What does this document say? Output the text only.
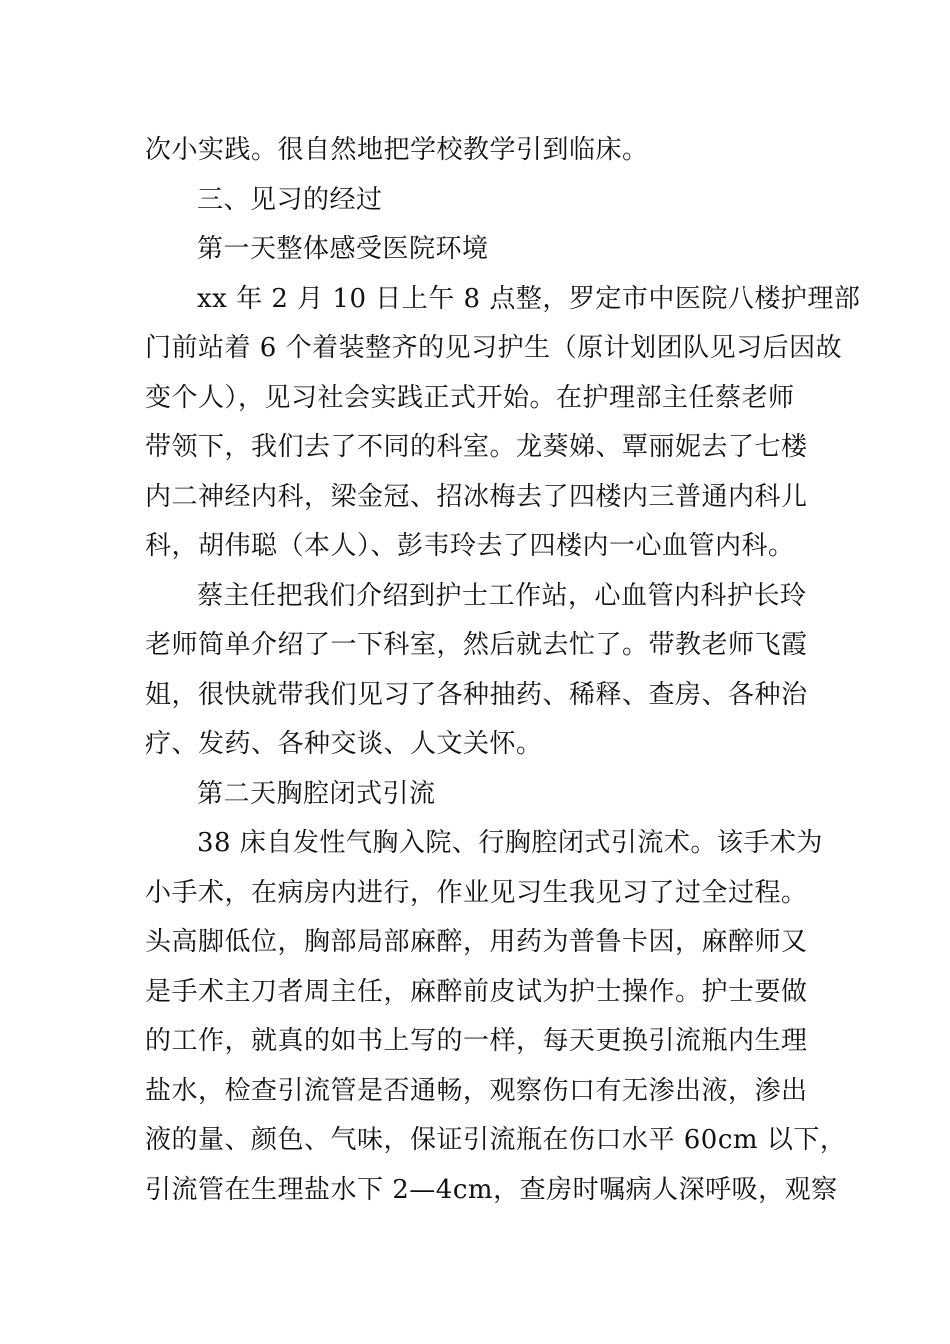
次小实践。很自然地把学校教学引到临床。
三、见习的经过
第一天整体感受医院环境
xx 年 2 月 10 日上午 8 点整，罗定市中医院八楼护理部
门前站着 6 个着装整齐的见习护生（原计划团队见习后因故
变个人），见习社会实践正式开始。在护理部主任蔡老师
带领下，我们去了不同的科室。龙葵娣、覃丽妮去了七楼
内二神经内科，梁金冠、招冰梅去了四楼内三普通内科儿
科，胡伟聪（本人）、彭韦玲去了四楼内一心血管内科。
蔡主任把我们介绍到护士工作站，心血管内科护长玲
老师简单介绍了一下科室，然后就去忙了。带教老师飞霞
姐，很快就带我们见习了各种抽药、稀释、查房、各种治
疗、发药、各种交谈、人文关怀。
第二天胸腔闭式引流
38 床自发性气胸入院、行胸腔闭式引流术。该手术为
小手术，在病房内进行，作业见习生我见习了过全过程。
头高脚低位，胸部局部麻醉，用药为普鲁卡因，麻醉师又
是手术主刀者周主任，麻醉前皮试为护士操作。护士要做
的工作，就真的如书上写的一样，每天更换引流瓶内生理
盐水，检查引流管是否通畅，观察伤口有无渗出液，渗出
液的量、颜色、气味，保证引流瓶在伤口水平 60cm 以下，
引流管在生理盐水下 2—4cm，查房时嘱病人深呼吸，观察
